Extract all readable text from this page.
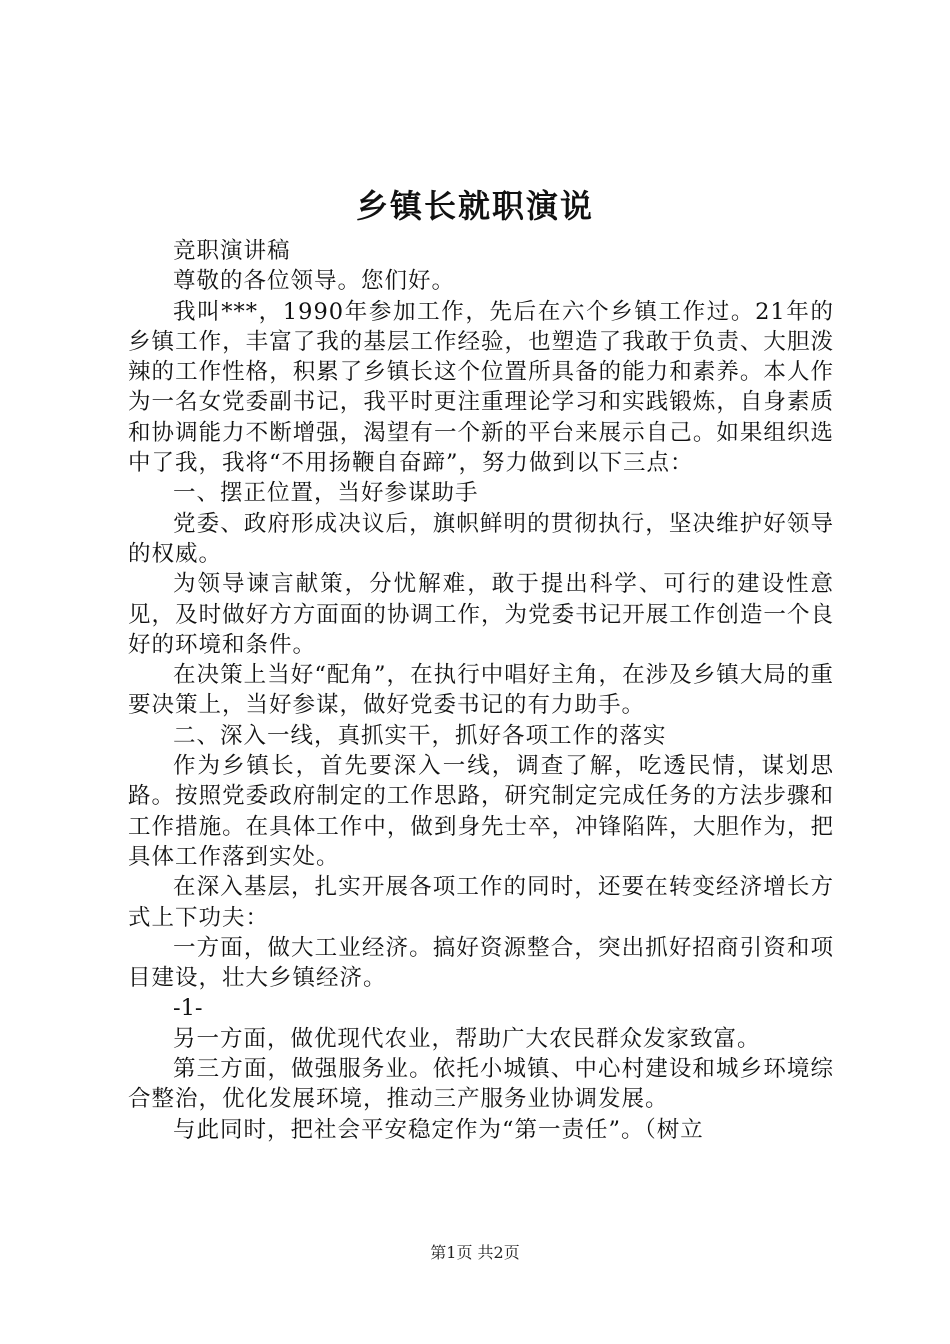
乡镇长就职演说

竞职演讲稿

尊敬的各位领导。您们好。

我叫***，1990年参加工作，先后在六个乡镇工作过。21年的乡镇工作，丰富了我的基层工作经验，也塑造了我敢于负责、大胆泼辣的工作性格，积累了乡镇长这个位置所具备的能力和素养。本人作为一名女党委副书记，我平时更注重理论学习和实践锻炼，自身素质和协调能力不断增强，渴望有一个新的平台来展示自己。如果组织选中了我，我将“不用扬鞭自奋蹄”，努力做到以下三点：

一、摆正位置，当好参谋助手

党委、政府形成决议后，旗帜鲜明的贯彻执行，坚决维护好领导的权威。

为领导谏言献策，分忧解难，敢于提出科学、可行的建设性意见，及时做好方方面面的协调工作，为党委书记开展工作创造一个良好的环境和条件。

在决策上当好“配角”，在执行中唱好主角，在涉及乡镇大局的重要决策上，当好参谋，做好党委书记的有力助手。

二、深入一线，真抓实干，抓好各项工作的落实

作为乡镇长，首先要深入一线，调查了解，吃透民情，谋划思路。按照党委政府制定的工作思路，研究制定完成任务的方法步骤和工作措施。在具体工作中，做到身先士卒，冲锋陷阵，大胆作为，把具体工作落到实处。

在深入基层，扎实开展各项工作的同时，还要在转变经济增长方式上下功夫：

一方面，做大工业经济。搞好资源整合，突出抓好招商引资和项目建设，壮大乡镇经济。

-1-

另一方面，做优现代农业，帮助广大农民群众发家致富。

第三方面，做强服务业。依托小城镇、中心村建设和城乡环境综合整治，优化发展环境，推动三产服务业协调发展。

与此同时，把社会平安稳定作为“第一责任”。（树立

第1页 共2页
